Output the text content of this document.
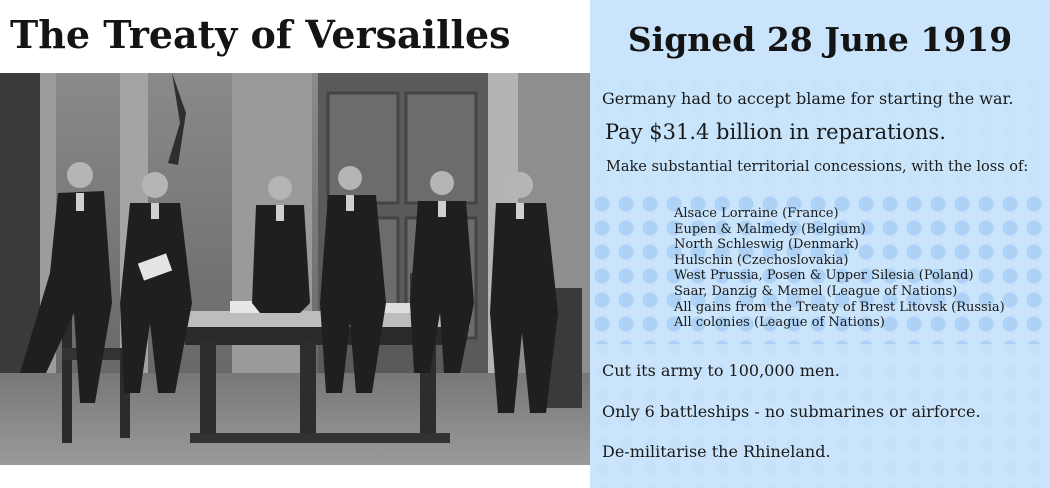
The Treaty of Versailles	Signed 28 June 1919

Germany had to accept blame for starting the war.

Pay $31.4 billion in reparations.

Make substantial territorial concessions, with the loss of:

Alsace Lorraine (France)
Eupen & Malmedy (Belgium)
North Schleswig (Denmark)
Hulschin (Czechoslovakia)
West Prussia, Posen & Upper Silesia (Poland)
Saar, Danzig & Memel (League of Nations)
All gains from the Treaty of Brest Litovsk (Russia)
All colonies (League of Nations)

Cut its army to 100,000 men.

Only 6 battleships - no submarines or airforce.

De-militarise the Rhineland.
